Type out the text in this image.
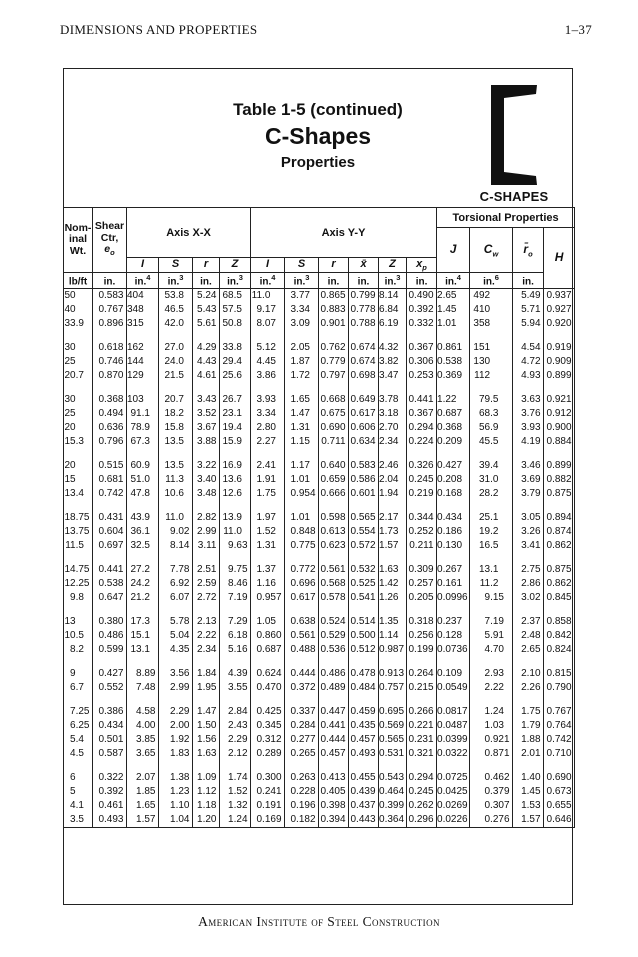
DIMENSIONS AND PROPERTIES	1–37
Table 1-5 (continued)
C-Shapes
Properties
C-SHAPES
Nom-
inal
Wt.	Shear
Ctr,
$e_o$	Axis X-X				Axis Y-Y						Torsional Properties			
												J	$C_w$	$r̄_o$	H
		I	S	r	Z	I	S	r	x̄	Z	$x_p$
lb/ft	in.	in.$^4$	in.$^3$	in.	in.$^3$	in.$^4$	in.$^3$	in.	in.	in.$^3$	in.	in.$^4$	in.$^6$	in.	
50	0.583	404	53.8	5.24	68.5	11.0	3.77	0.865	0.799	8.14	0.490	2.65	492	5.49	0.937
40	0.767	348	46.5	5.43	57.5	9.17	3.34	0.883	0.778	6.84	0.392	1.45	410	5.71	0.927
33.9	0.896	315	42.0	5.61	50.8	8.07	3.09	0.901	0.788	6.19	0.332	1.01	358	5.94	0.920

30	0.618	162	27.0	4.29	33.8	5.12	2.05	0.762	0.674	4.32	0.367	0.861	151	4.54	0.919
25	0.746	144	24.0	4.43	29.4	4.45	1.87	0.779	0.674	3.82	0.306	0.538	130	4.72	0.909
20.7	0.870	129	21.5	4.61	25.6	3.86	1.72	0.797	0.698	3.47	0.253	0.369	112	4.93	0.899

30	0.368	103	20.7	3.43	26.7	3.93	1.65	0.668	0.649	3.78	0.441	1.22	79.5	3.63	0.921
25	0.494	91.1	18.2	3.52	23.1	3.34	1.47	0.675	0.617	3.18	0.367	0.687	68.3	3.76	0.912
20	0.636	78.9	15.8	3.67	19.4	2.80	1.31	0.690	0.606	2.70	0.294	0.368	56.9	3.93	0.900
15.3	0.796	67.3	13.5	3.88	15.9	2.27	1.15	0.711	0.634	2.34	0.224	0.209	45.5	4.19	0.884

20	0.515	60.9	13.5	3.22	16.9	2.41	1.17	0.640	0.583	2.46	0.326	0.427	39.4	3.46	0.899
15	0.681	51.0	11.3	3.40	13.6	1.91	1.01	0.659	0.586	2.04	0.245	0.208	31.0	3.69	0.882
13.4	0.742	47.8	10.6	3.48	12.6	1.75	0.954	0.666	0.601	1.94	0.219	0.168	28.2	3.79	0.875

18.75	0.431	43.9	11.0	2.82	13.9	1.97	1.01	0.598	0.565	2.17	0.344	0.434	25.1	3.05	0.894
13.75	0.604	36.1	9.02	2.99	11.0	1.52	0.848	0.613	0.554	1.73	0.252	0.186	19.2	3.26	0.874
11.5	0.697	32.5	8.14	3.11	9.63	1.31	0.775	0.623	0.572	1.57	0.211	0.130	16.5	3.41	0.862

14.75	0.441	27.2	7.78	2.51	9.75	1.37	0.772	0.561	0.532	1.63	0.309	0.267	13.1	2.75	0.875
12.25	0.538	24.2	6.92	2.59	8.46	1.16	0.696	0.568	0.525	1.42	0.257	0.161	11.2	2.86	0.862
9.8	0.647	21.2	6.07	2.72	7.19	0.957	0.617	0.578	0.541	1.26	0.205	0.0996	9.15	3.02	0.845

13	0.380	17.3	5.78	2.13	7.29	1.05	0.638	0.524	0.514	1.35	0.318	0.237	7.19	2.37	0.858
10.5	0.486	15.1	5.04	2.22	6.18	0.860	0.561	0.529	0.500	1.14	0.256	0.128	5.91	2.48	0.842
8.2	0.599	13.1	4.35	2.34	5.16	0.687	0.488	0.536	0.512	0.987	0.199	0.0736	4.70	2.65	0.824

9	0.427	8.89	3.56	1.84	4.39	0.624	0.444	0.486	0.478	0.913	0.264	0.109	2.93	2.10	0.815
6.7	0.552	7.48	2.99	1.95	3.55	0.470	0.372	0.489	0.484	0.757	0.215	0.0549	2.22	2.26	0.790

7.25	0.386	4.58	2.29	1.47	2.84	0.425	0.337	0.447	0.459	0.695	0.266	0.0817	1.24	1.75	0.767
6.25	0.434	4.00	2.00	1.50	2.43	0.345	0.284	0.441	0.435	0.569	0.221	0.0487	1.03	1.79	0.764
5.4	0.501	3.85	1.92	1.56	2.29	0.312	0.277	0.444	0.457	0.565	0.231	0.0399	0.921	1.88	0.742
4.5	0.587	3.65	1.83	1.63	2.12	0.289	0.265	0.457	0.493	0.531	0.321	0.0322	0.871	2.01	0.710

6	0.322	2.07	1.38	1.09	1.74	0.300	0.263	0.413	0.455	0.543	0.294	0.0725	0.462	1.40	0.690
5	0.392	1.85	1.23	1.12	1.52	0.241	0.228	0.405	0.439	0.464	0.245	0.0425	0.379	1.45	0.673
4.1	0.461	1.65	1.10	1.18	1.32	0.191	0.196	0.398	0.437	0.399	0.262	0.0269	0.307	1.53	0.655
3.5	0.493	1.57	1.04	1.20	1.24	0.169	0.182	0.394	0.443	0.364	0.296	0.0226	0.276	1.57	0.646
American Institute of Steel Construction
